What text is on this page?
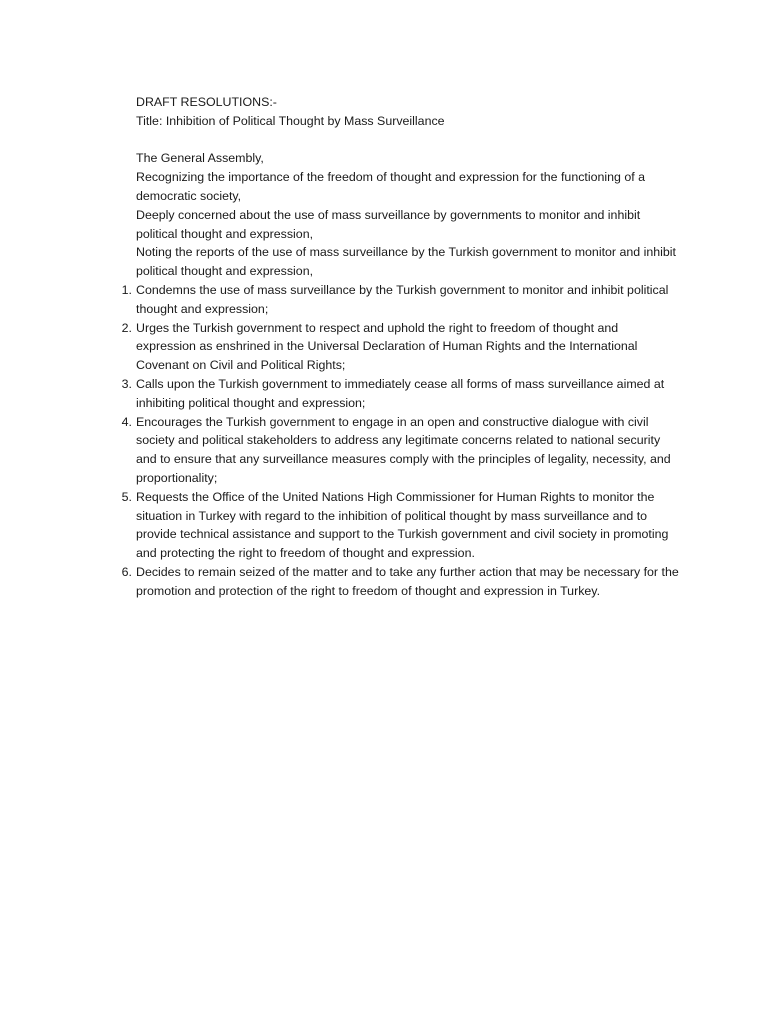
DRAFT RESOLUTIONS:-

Title: Inhibition of Political Thought by Mass Surveillance

The General Assembly,

Recognizing the importance of the freedom of thought and expression for the functioning of a democratic society,

Deeply concerned about the use of mass surveillance by governments to monitor and inhibit political thought and expression,

Noting the reports of the use of mass surveillance by the Turkish government to monitor and inhibit political thought and expression,

1. Condemns the use of mass surveillance by the Turkish government to monitor and inhibit political thought and expression;
2. Urges the Turkish government to respect and uphold the right to freedom of thought and expression as enshrined in the Universal Declaration of Human Rights and the International Covenant on Civil and Political Rights;
3. Calls upon the Turkish government to immediately cease all forms of mass surveillance aimed at inhibiting political thought and expression;
4. Encourages the Turkish government to engage in an open and constructive dialogue with civil society and political stakeholders to address any legitimate concerns related to national security and to ensure that any surveillance measures comply with the principles of legality, necessity, and proportionality;
5. Requests the Office of the United Nations High Commissioner for Human Rights to monitor the situation in Turkey with regard to the inhibition of political thought by mass surveillance and to provide technical assistance and support to the Turkish government and civil society in promoting and protecting the right to freedom of thought and expression.
6. Decides to remain seized of the matter and to take any further action that may be necessary for the promotion and protection of the right to freedom of thought and expression in Turkey.
